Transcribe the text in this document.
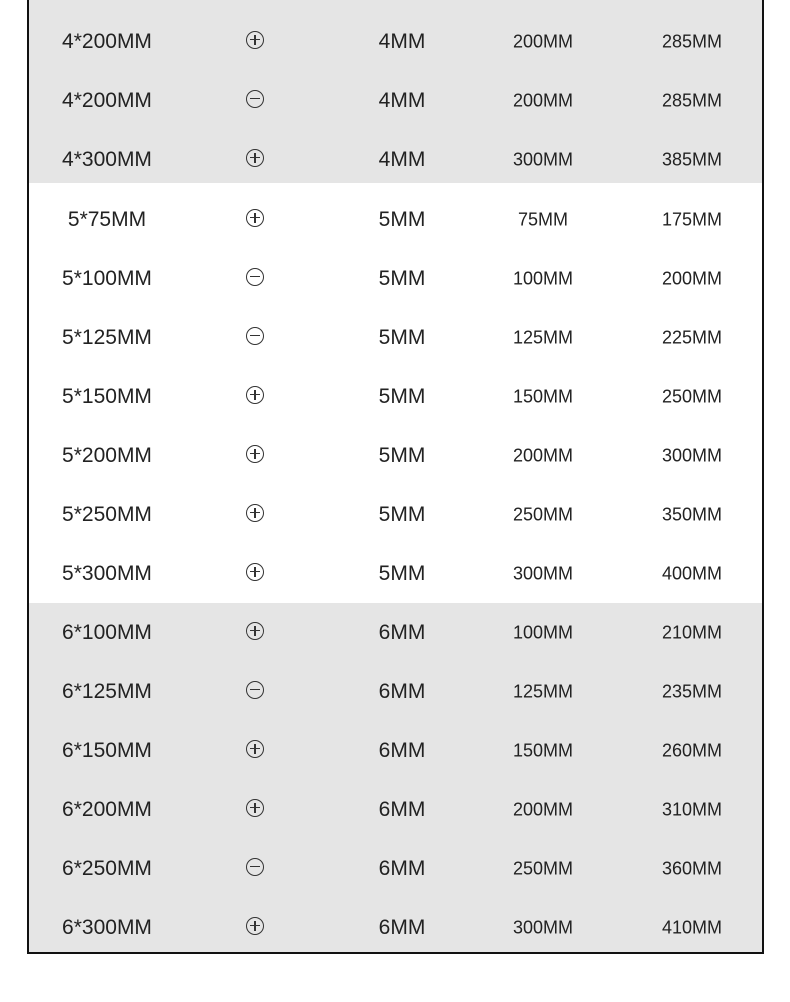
4*200MM	4MM	200MM	285MM
4*200MM	4MM	200MM	285MM
4*300MM	4MM	300MM	385MM
5*75MM	5MM	75MM	175MM
5*100MM	5MM	100MM	200MM
5*125MM	5MM	125MM	225MM
5*150MM	5MM	150MM	250MM
5*200MM	5MM	200MM	300MM
5*250MM	5MM	250MM	350MM
5*300MM	5MM	300MM	400MM
6*100MM	6MM	100MM	210MM
6*125MM	6MM	125MM	235MM
6*150MM	6MM	150MM	260MM
6*200MM	6MM	200MM	310MM
6*250MM	6MM	250MM	360MM
6*300MM	6MM	300MM	410MM
